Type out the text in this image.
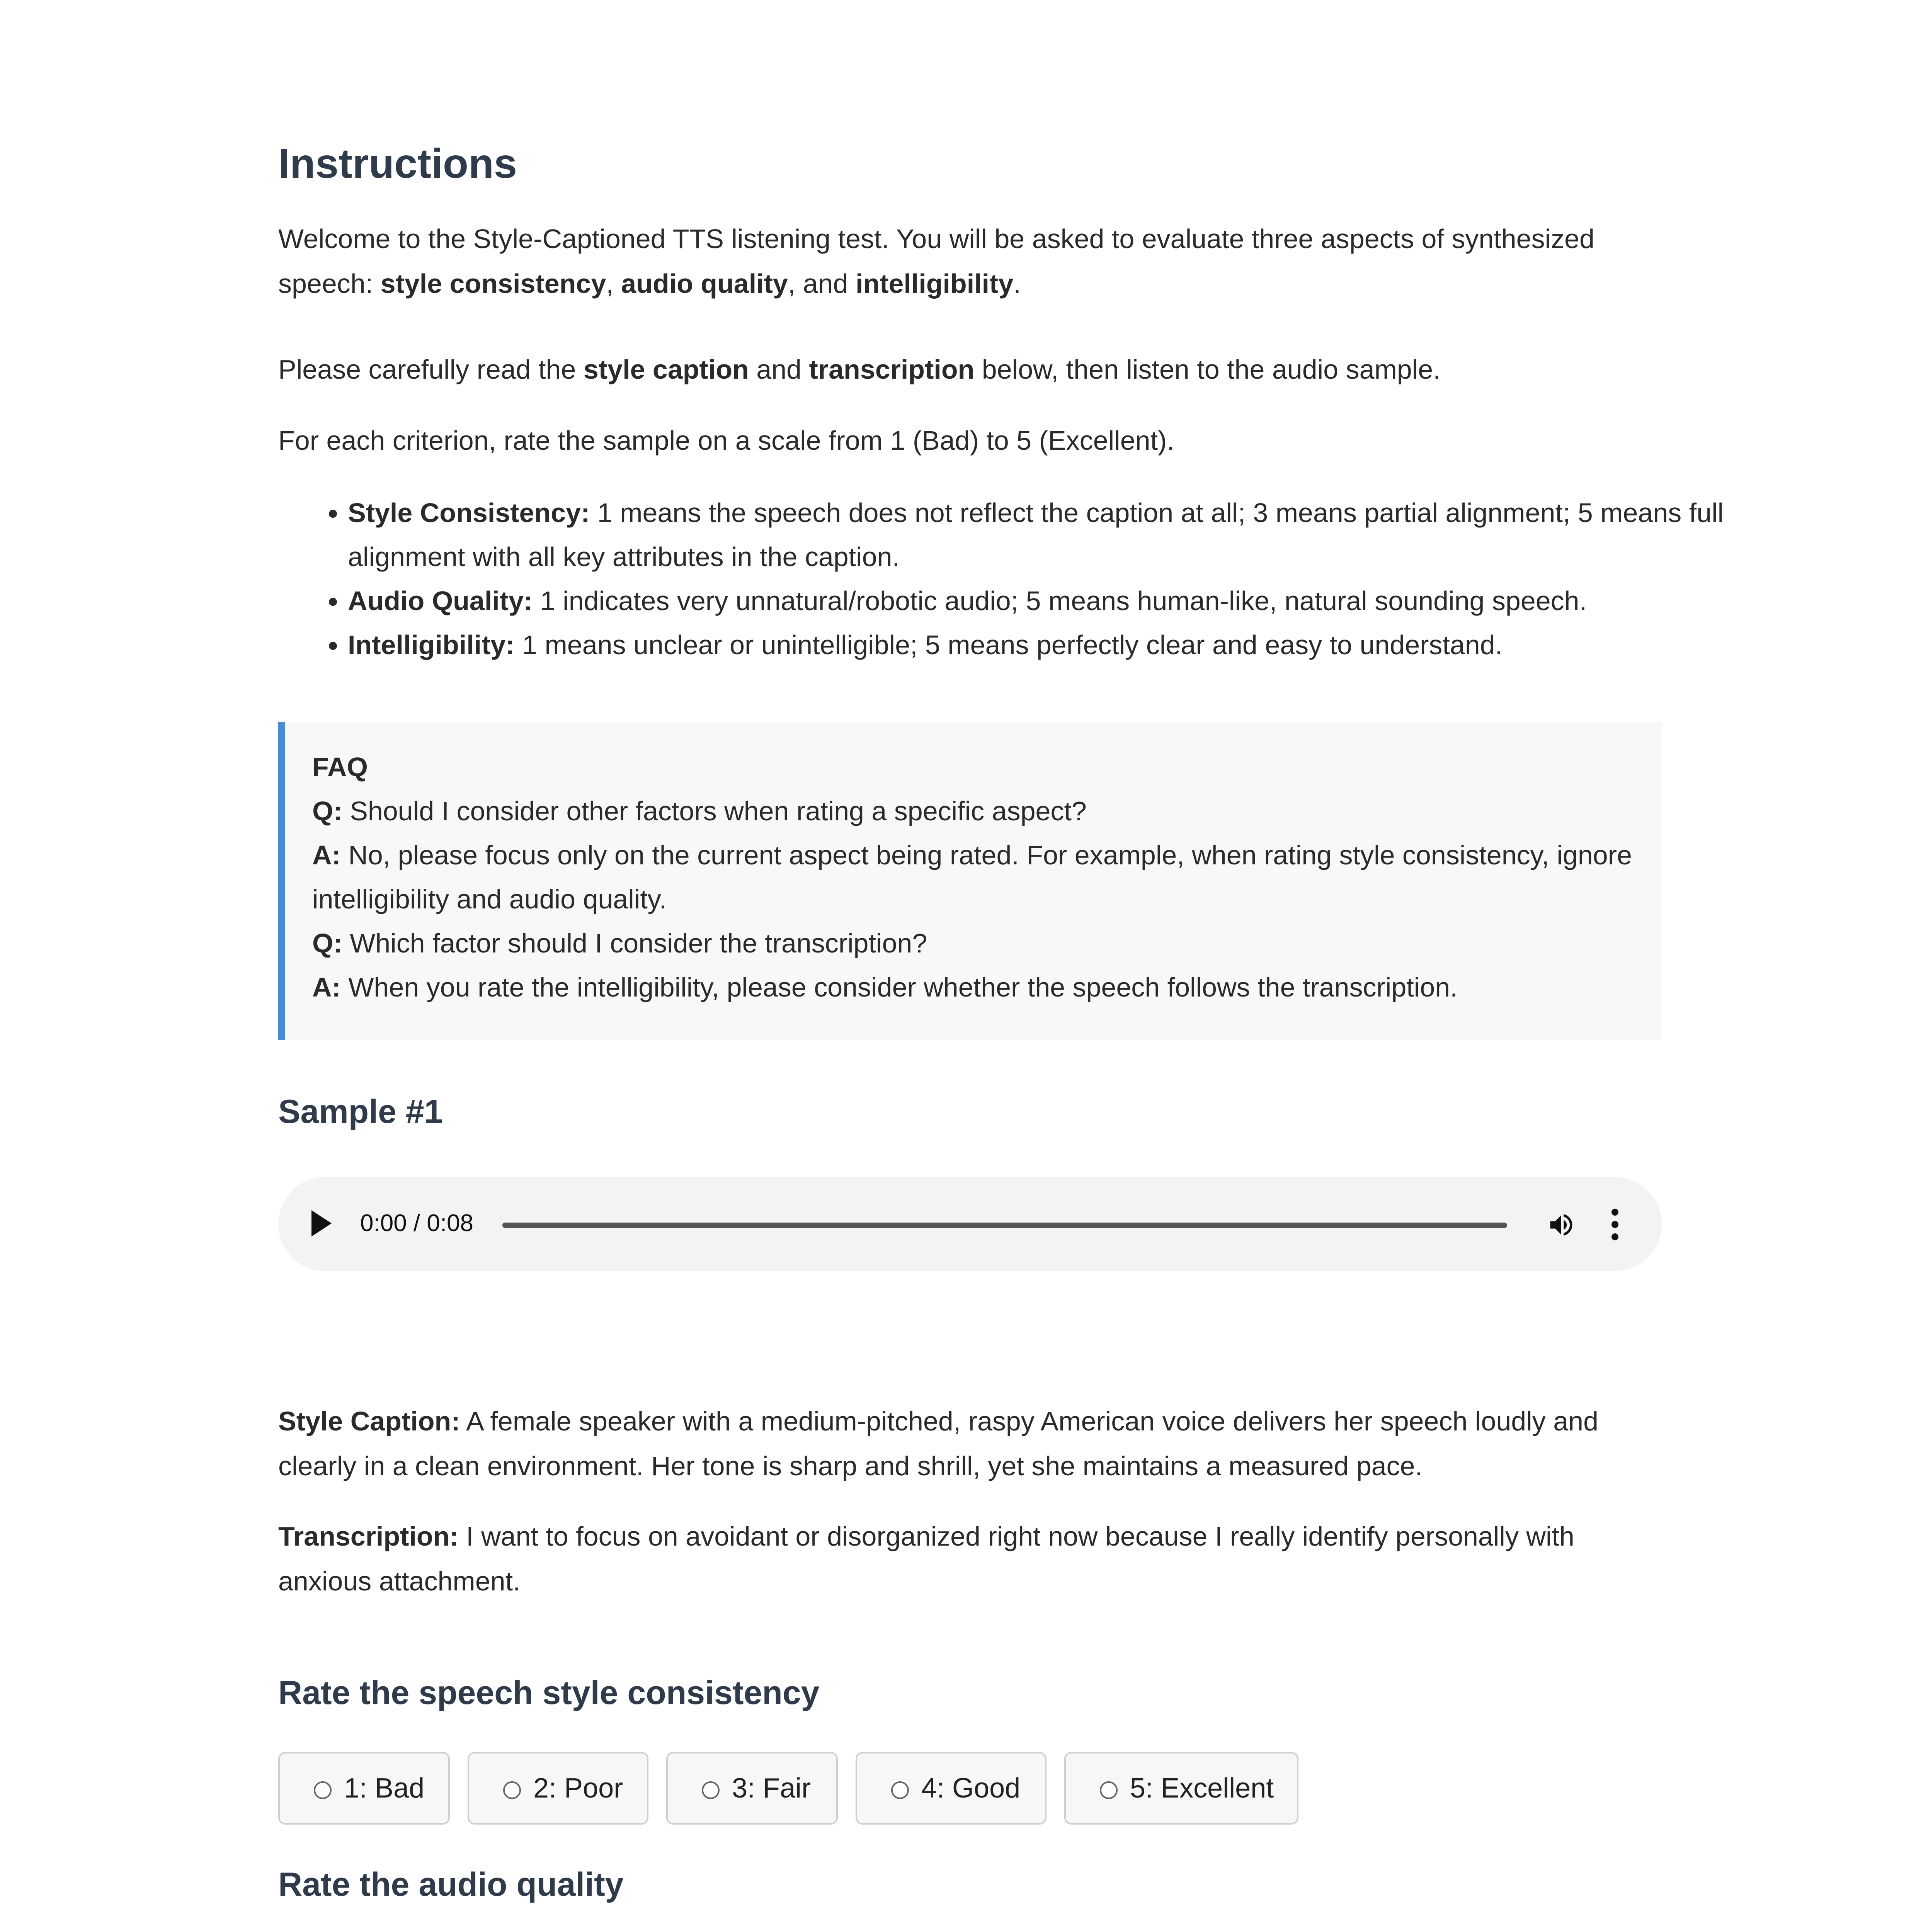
Instructions

Welcome to the Style-Captioned TTS listening test. You will be asked to evaluate three aspects of synthesized speech: style consistency, audio quality, and intelligibility.

Please carefully read the style caption and transcription below, then listen to the audio sample.

For each criterion, rate the sample on a scale from 1 (Bad) to 5 (Excellent).

• Style Consistency: 1 means the speech does not reflect the caption at all; 3 means partial alignment; 5 means full alignment with all key attributes in the caption.
• Audio Quality: 1 indicates very unnatural/robotic audio; 5 means human-like, natural sounding speech.
• Intelligibility: 1 means unclear or unintelligible; 5 means perfectly clear and easy to understand.
FAQ
Q: Should I consider other factors when rating a specific aspect?
A: No, please focus only on the current aspect being rated. For example, when rating style consistency, ignore intelligibility and audio quality.
Q: Which factor should I consider the transcription?
A: When you rate the intelligibility, please consider whether the speech follows the transcription.
Sample #1
0:00 / 0:08

Style Caption: A female speaker with a medium-pitched, raspy American voice delivers her speech loudly and clearly in a clean environment. Her tone is sharp and shrill, yet she maintains a measured pace.

Transcription: I want to focus on avoidant or disorganized right now because I really identify personally with anxious attachment.

Rate the speech style consistency
1: Bad	2: Poor	3: Fair	4: Good	5: Excellent
Rate the audio quality
